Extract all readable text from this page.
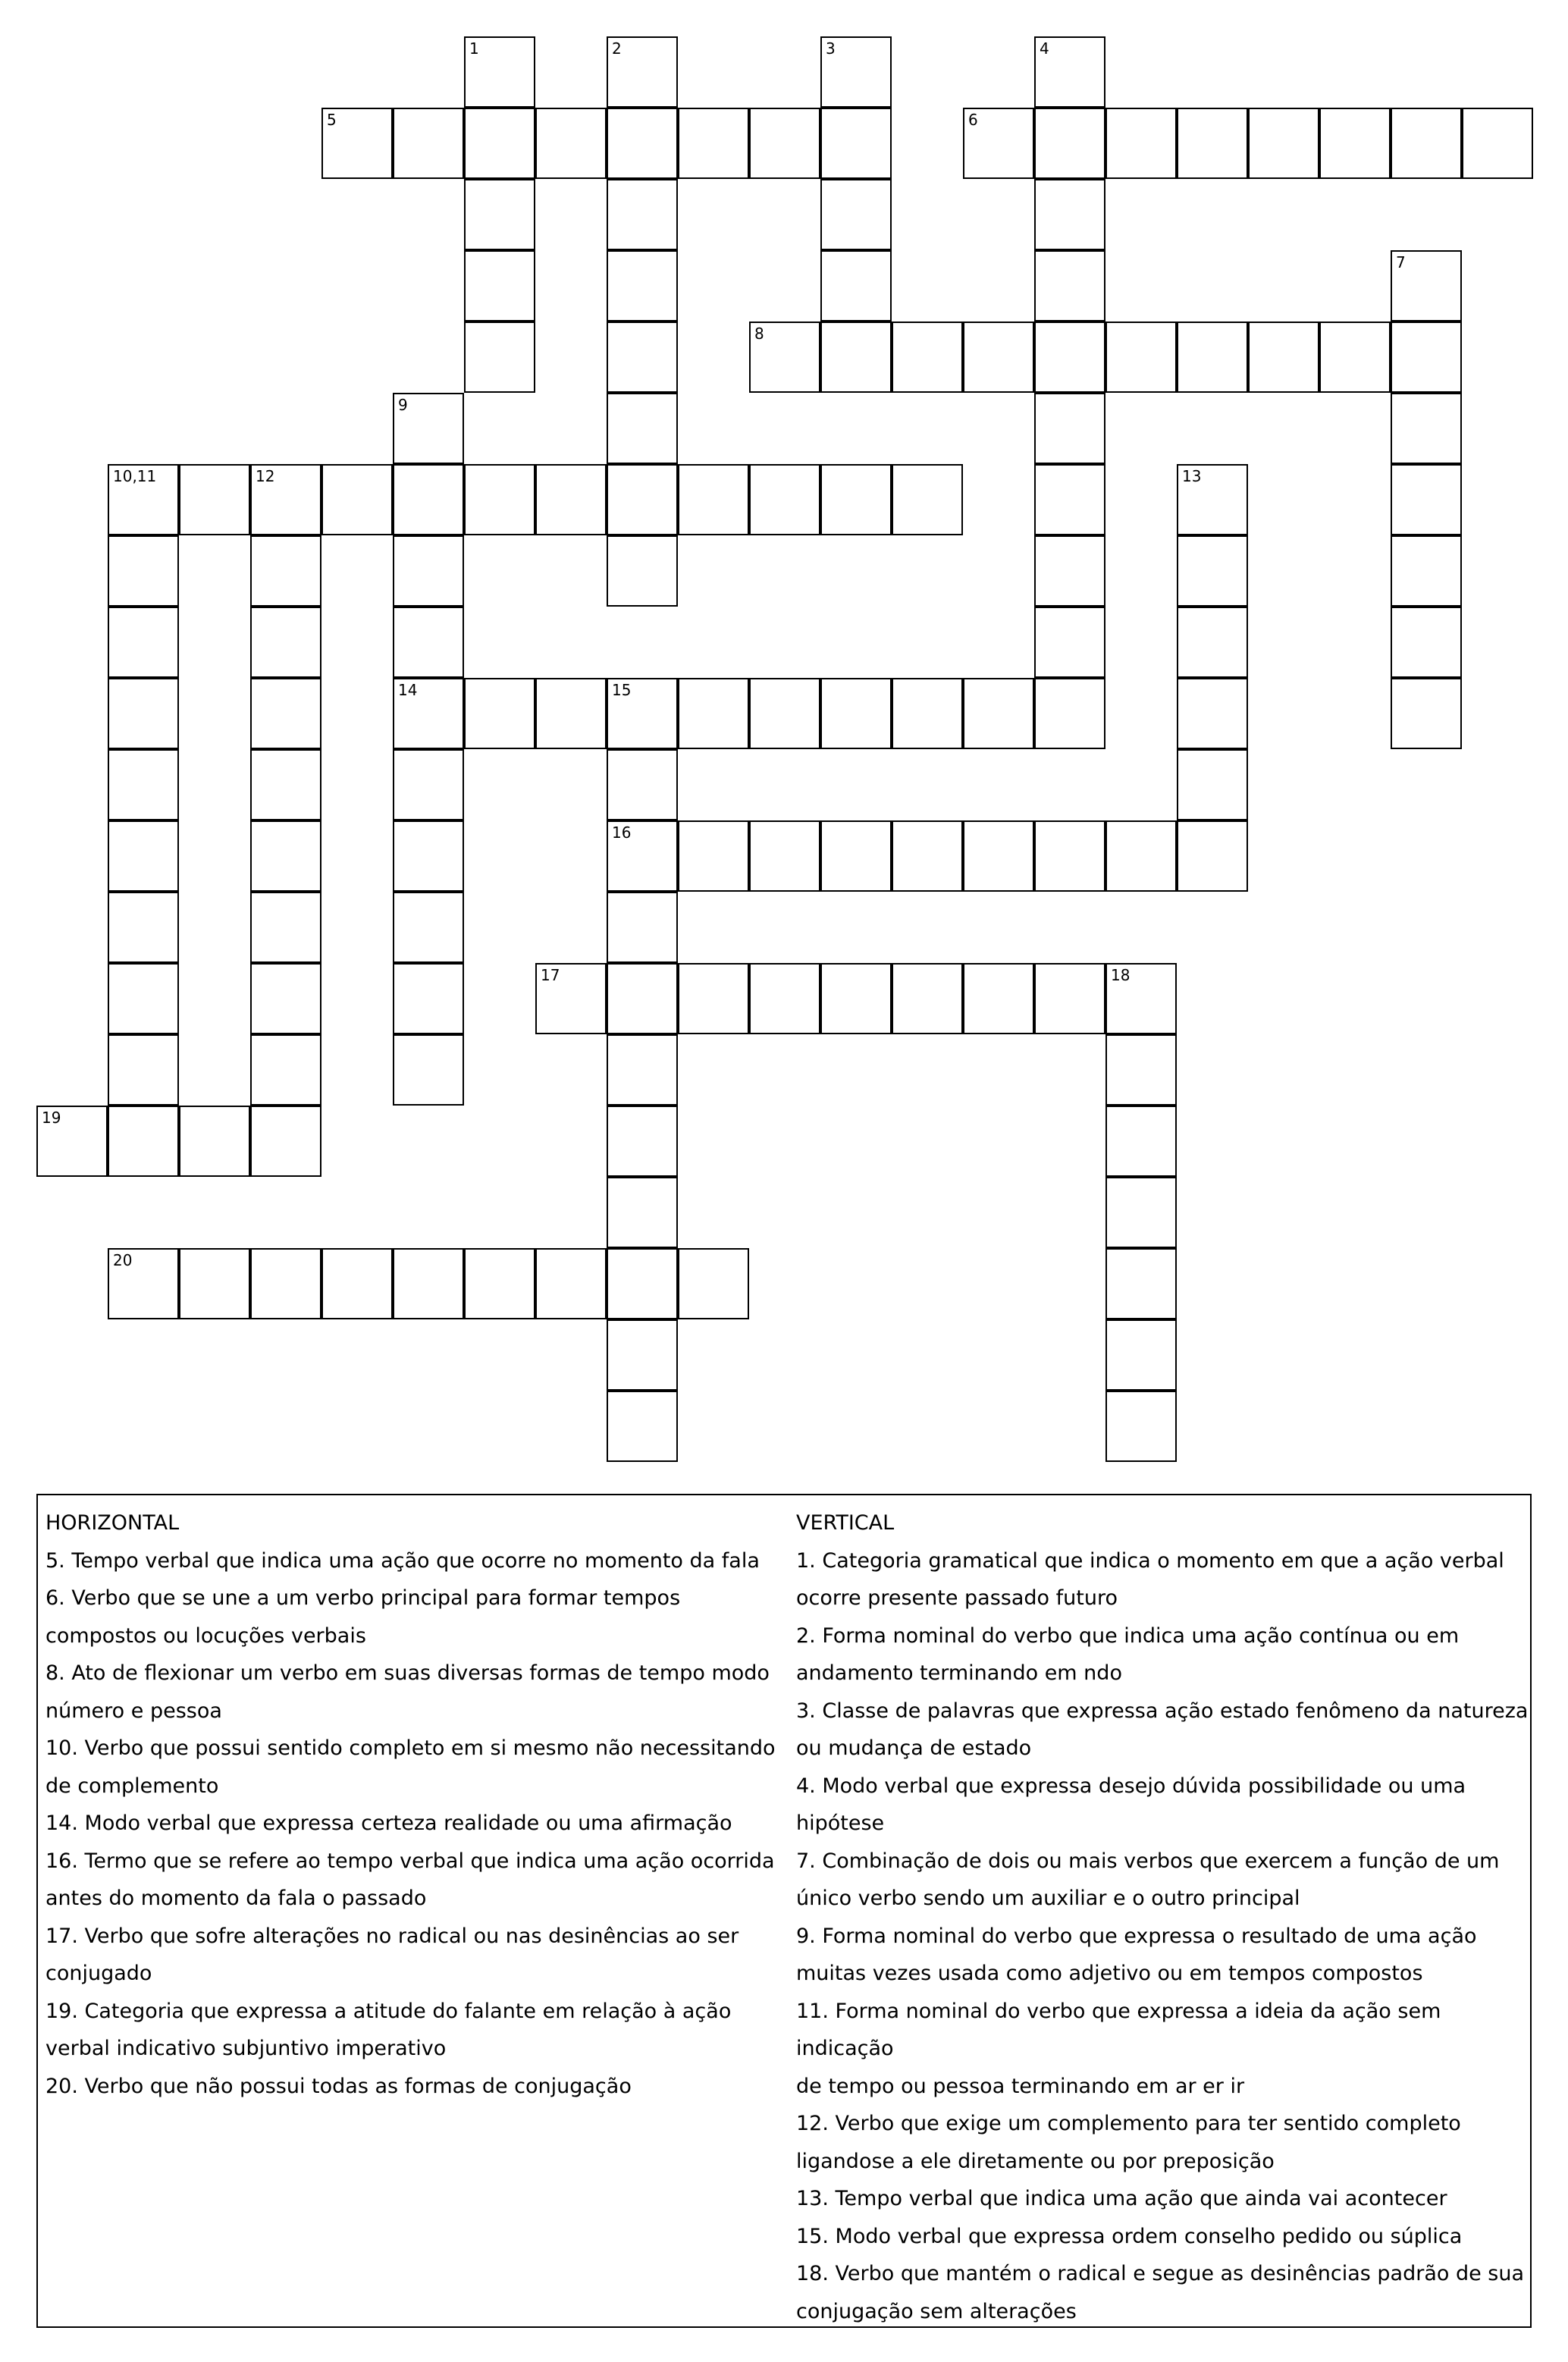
1	2	3	4
5	6
7
8
9
14
10,11	12	13
15
16
17	18
19
20
HORIZONTAL
5. Tempo verbal que indica uma ação que ocorre no momento da fala
6. Verbo que se une a um verbo principal para formar tempos
compostos ou locuções verbais
8. Ato de flexionar um verbo em suas diversas formas de tempo modo
número e pessoa
10. Verbo que possui sentido completo em si mesmo não necessitando
de complemento
14. Modo verbal que expressa certeza realidade ou uma afirmação
16. Termo que se refere ao tempo verbal que indica uma ação ocorrida
antes do momento da fala o passado
17. Verbo que sofre alterações no radical ou nas desinências ao ser
conjugado
19. Categoria que expressa a atitude do falante em relação à ação
verbal indicativo subjuntivo imperativo
20. Verbo que não possui todas as formas de conjugação
VERTICAL
1. Categoria gramatical que indica o momento em que a ação verbal
ocorre presente passado futuro
2. Forma nominal do verbo que indica uma ação contínua ou em
andamento terminando em ndo
3. Classe de palavras que expressa ação estado fenômeno da natureza
ou mudança de estado
4. Modo verbal que expressa desejo dúvida possibilidade ou uma
hipótese
7. Combinação de dois ou mais verbos que exercem a função de um
único verbo sendo um auxiliar e o outro principal
9. Forma nominal do verbo que expressa o resultado de uma ação
muitas vezes usada como adjetivo ou em tempos compostos
11. Forma nominal do verbo que expressa a ideia da ação sem indicação
de tempo ou pessoa terminando em ar er ir
12. Verbo que exige um complemento para ter sentido completo
ligandose a ele diretamente ou por preposição
13. Tempo verbal que indica uma ação que ainda vai acontecer
15. Modo verbal que expressa ordem conselho pedido ou súplica
18. Verbo que mantém o radical e segue as desinências padrão de sua
conjugação sem alterações
